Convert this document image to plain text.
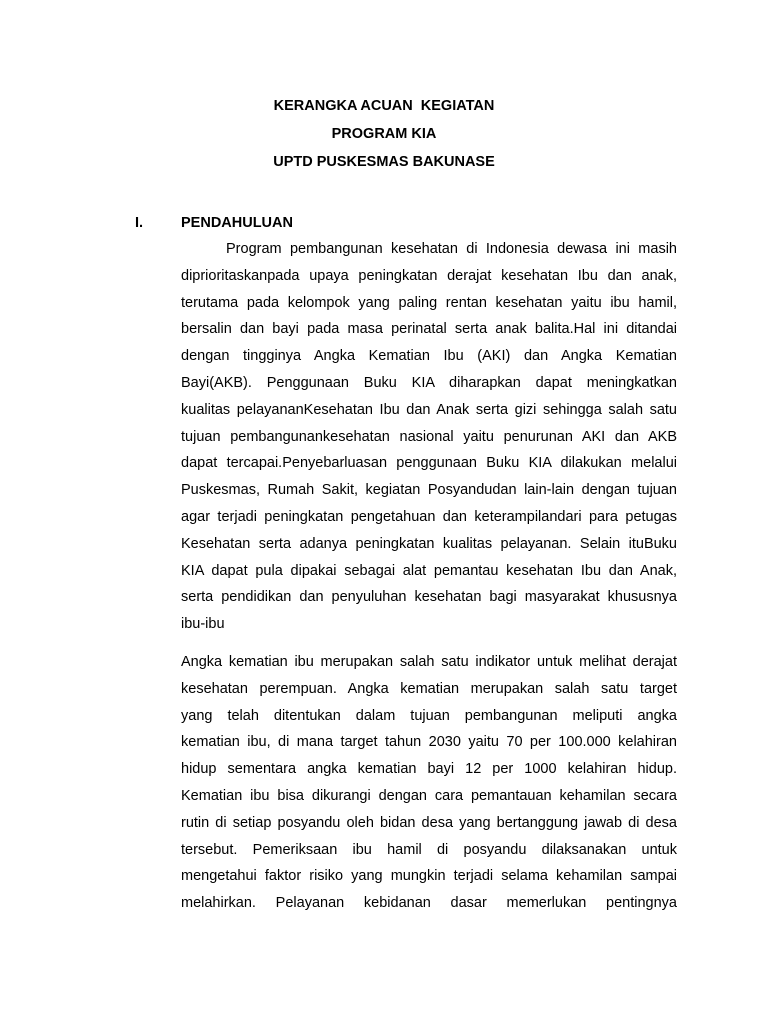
KERANGKA ACUAN  KEGIATAN
PROGRAM KIA
UPTD PUSKESMAS BAKUNASE
I.	PENDAHULUAN
Program pembangunan kesehatan di Indonesia dewasa ini masih
diprioritaskanpada upaya peningkatan derajat kesehatan Ibu dan anak,
terutama pada kelompok yang paling rentan kesehatan yaitu ibu hamil,
bersalin dan bayi pada masa perinatal serta anak balita.Hal ini ditandai
dengan tingginya Angka Kematian Ibu (AKI) dan Angka Kematian
Bayi(AKB). Penggunaan Buku KIA diharapkan dapat meningkatkan
kualitas pelayananKesehatan Ibu dan Anak serta gizi sehingga salah satu
tujuan pembangunankesehatan nasional yaitu penurunan AKI dan AKB
dapat tercapai.Penyebarluasan penggunaan Buku KIA dilakukan melalui
Puskesmas, Rumah Sakit, kegiatan Posyandudan lain-lain dengan tujuan
agar terjadi peningkatan pengetahuan dan keterampilandari para petugas
Kesehatan serta adanya peningkatan kualitas pelayanan. Selain ituBuku
KIA dapat pula dipakai sebagai alat pemantau kesehatan Ibu dan Anak,
serta pendidikan dan penyuluhan kesehatan bagi masyarakat khususnya
ibu-ibu
Angka kematian ibu merupakan salah satu indikator untuk melihat derajat
kesehatan perempuan. Angka kematian merupakan salah satu target
yang telah ditentukan dalam tujuan pembangunan meliputi angka
kematian ibu, di mana target tahun 2030 yaitu 70 per 100.000 kelahiran
hidup sementara angka kematian bayi 12 per 1000 kelahiran hidup.
Kematian ibu bisa dikurangi dengan cara pemantauan kehamilan secara
rutin di setiap posyandu oleh bidan desa yang bertanggung jawab di desa
tersebut. Pemeriksaan ibu hamil di posyandu dilaksanakan untuk
mengetahui faktor risiko yang mungkin terjadi selama kehamilan sampai
melahirkan. Pelayanan kebidanan dasar memerlukan pentingnya
